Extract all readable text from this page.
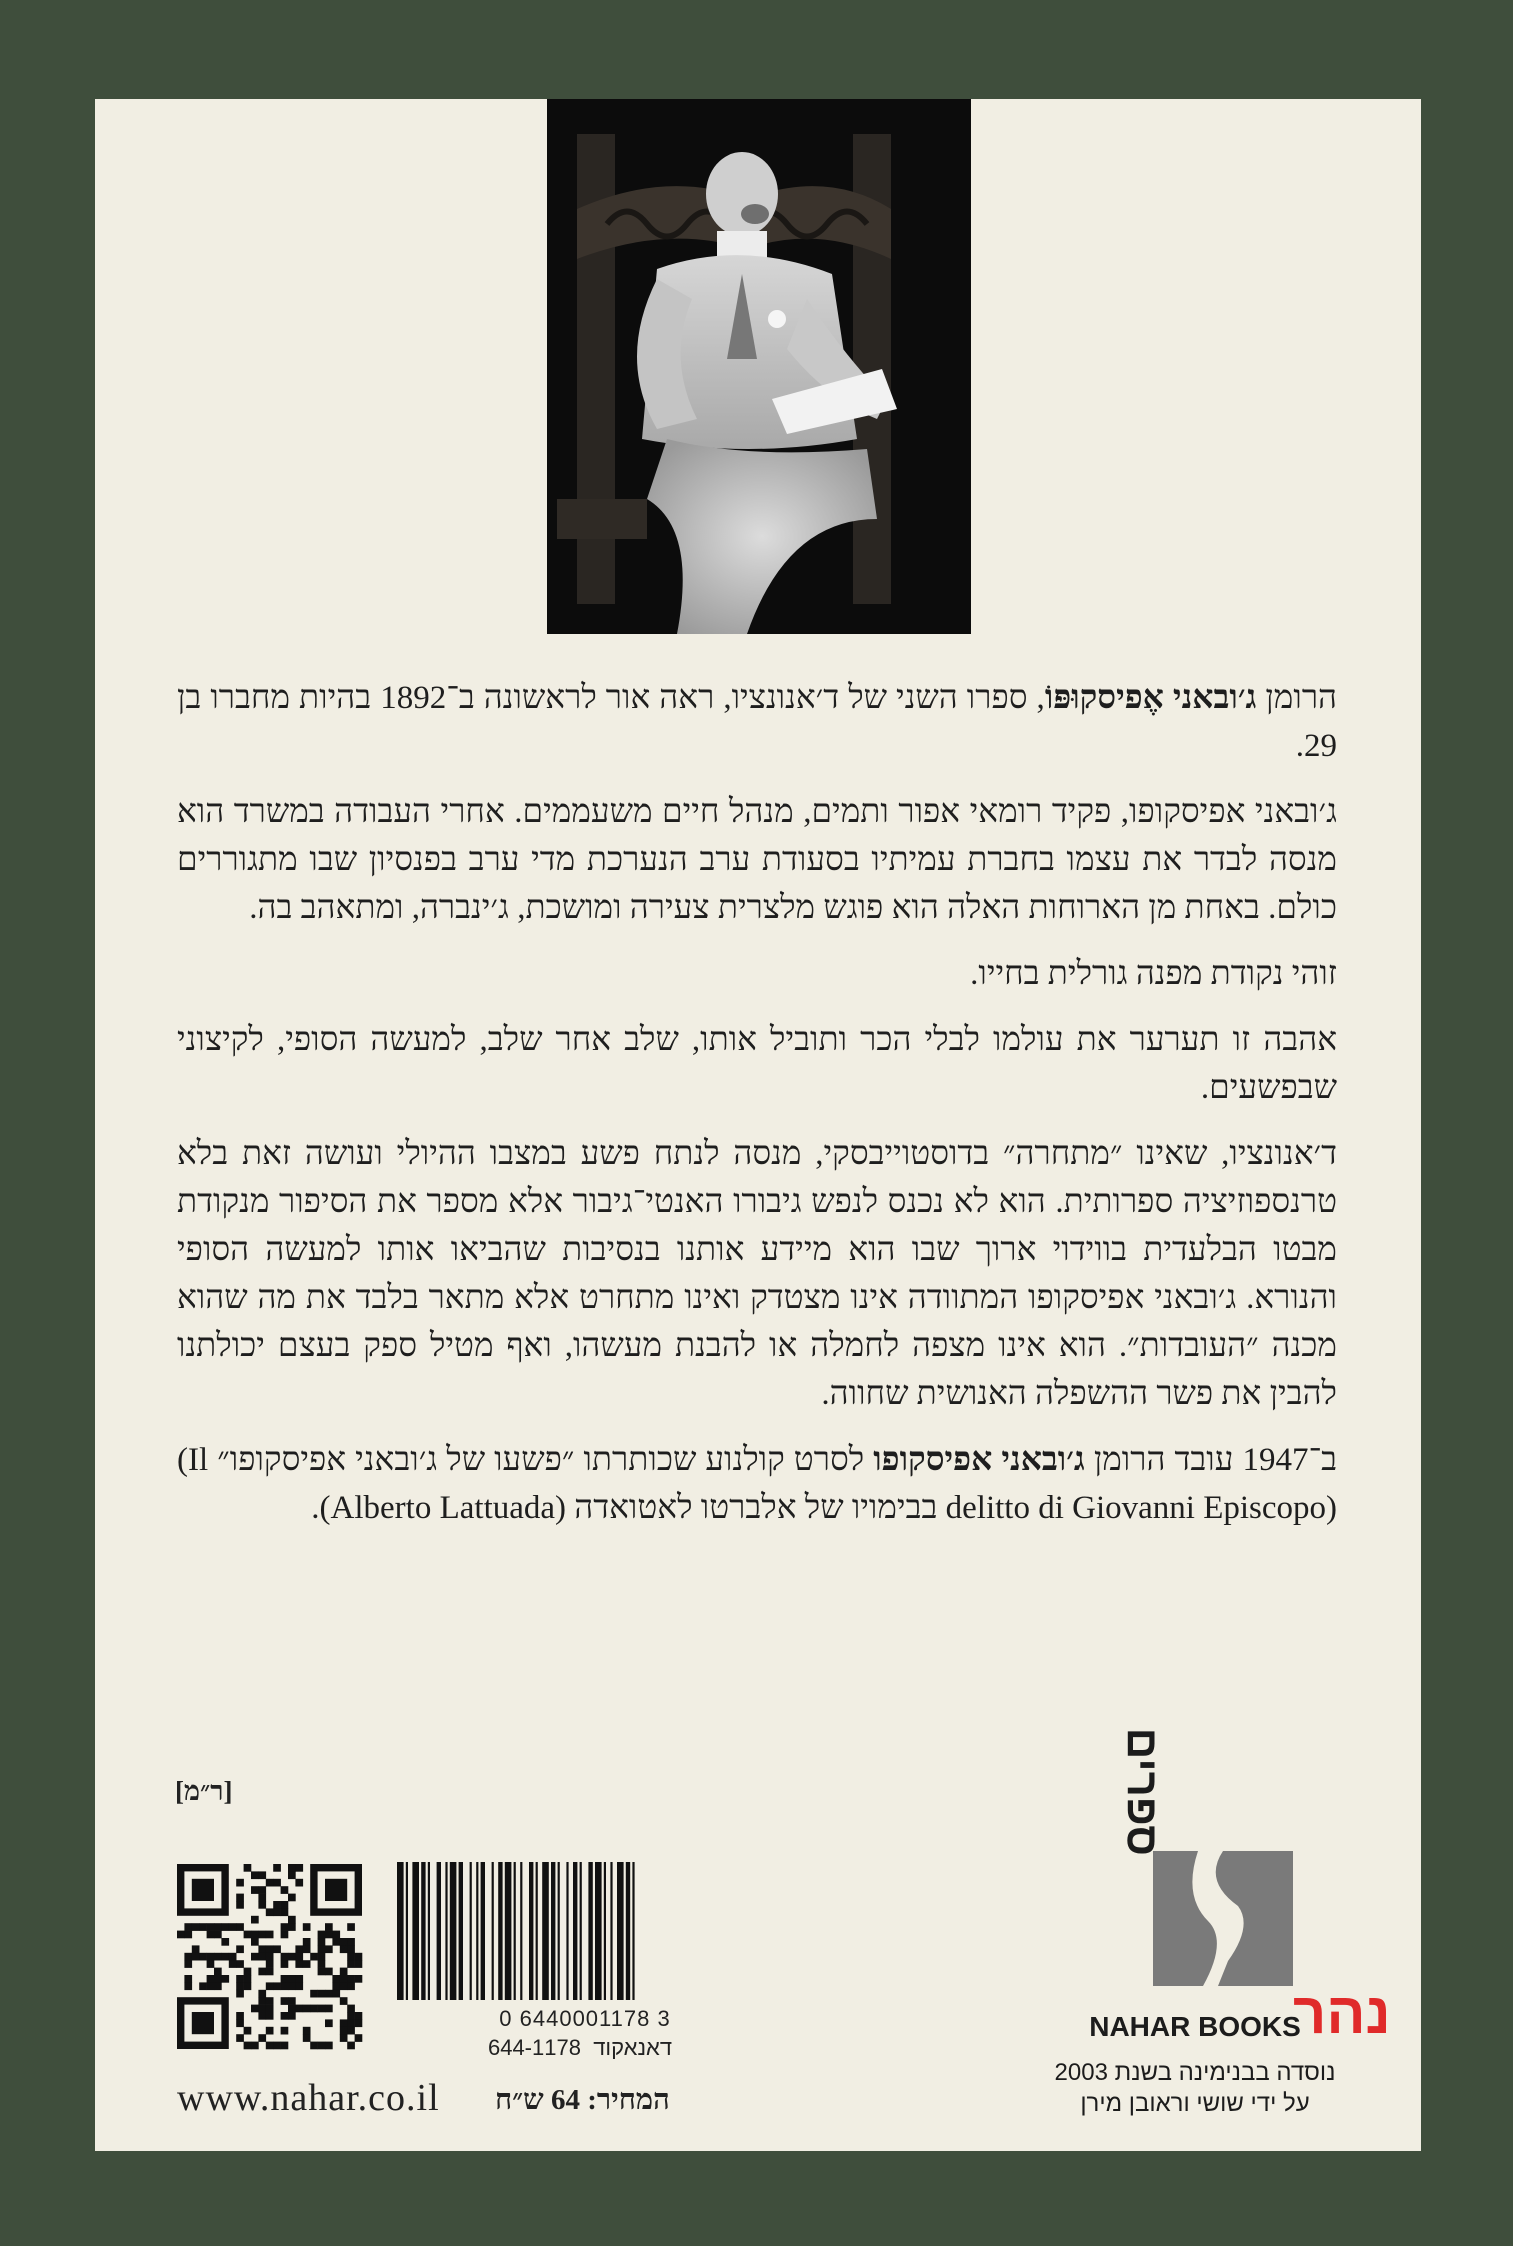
הרומן ג׳ובאני אֶפיסקוּפּוֹ, ספרו השני של ד׳אנונציו, ראה אור לראשונה ב־1892 בהיות מחברו בן 29.

ג׳ובאני אפיסקופו, פקיד רומאי אפור ותמים, מנהל חיים משעממים. אחרי העבודה במשרד הוא מנסה לבדר את עצמו בחברת עמיתיו בסעודת ערב הנערכת מדי ערב בפנסיון שבו מתגוררים כולם. באחת מן הארוחות האלה הוא פוגש מלצרית צעירה ומושכת, ג׳ינברה, ומתאהב בה.

זוהי נקודת מפנה גורלית בחייו.

אהבה זו תערער את עולמו לבלי הכר ותוביל אותו, שלב אחר שלב, למעשה הסופי, לקיצוני שבפשעים.

ד׳אנונציו, שאינו ״מתחרה״ בדוסטוייבסקי, מנסה לנתח פשע במצבו ההיולי ועושה זאת בלא טרנספוזיציה ספרותית. הוא לא נכנס לנפש גיבורו האנטי־גיבור אלא מספר את הסיפור מנקודת מבטו הבלעדית בווידוי ארוך שבו הוא מיידע אותנו בנסיבות שהביאו אותו למעשה הסופי והנורא. ג׳ובאני אפיסקופו המתוודה אינו מצטדק ואינו מתחרט אלא מתאר בלבד את מה שהוא מכנה ״העובדות״. הוא אינו מצפה לחמלה או להבנת מעשהו, ואף מטיל ספק בעצם יכולתנו להבין את פשר ההשפלה האנושית שחווה.

ב־1947 עובד הרומן ג׳ובאני אפיסקופו לסרט קולנוע שכותרתו ״פשעו של ג׳ובאני אפיסקופו״ (Il delitto di Giovanni Episcopo) בבימויו של אלברטו לאטואדה (Alberto Lattuada).

[ר״מ]
0 6440001178 3
דאנאקוד  644-1178
www.nahar.co.il המחיר: 64 ש״ח
ספרים
נהר
NAHAR BOOKS
נוסדה בבנימינה בשנת 2003
על ידי שושי וראובן מירן
